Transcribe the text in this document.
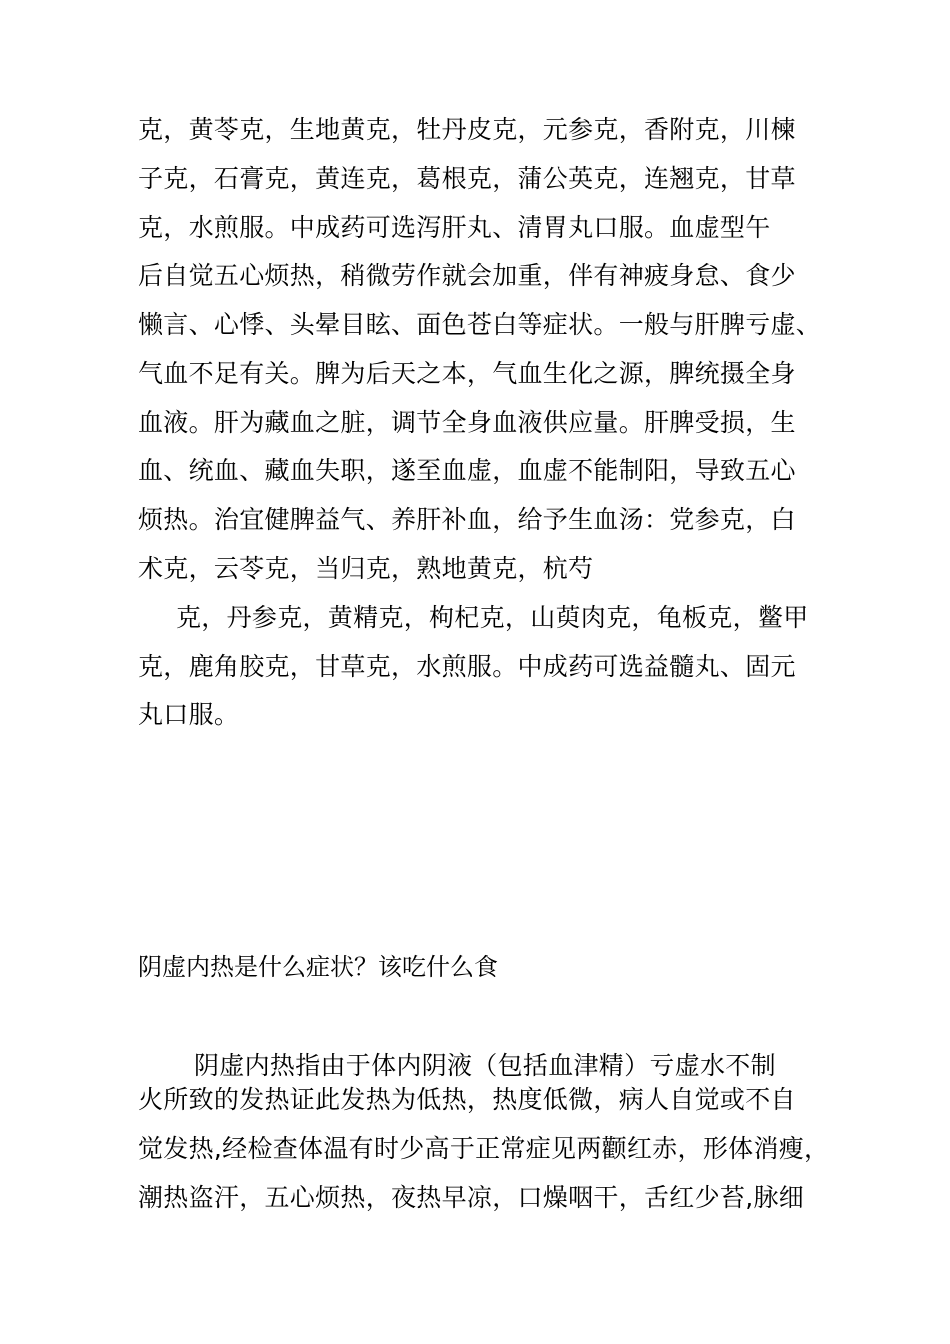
克，黄苓克，生地黄克，牡丹皮克，元参克，香附克，川楝
子克，石膏克，黄连克，葛根克，蒲公英克，连翘克，甘草
克，水煎服。中成药可选泻肝丸、清胃丸口服。血虚型午
后自觉五心烦热，稍微劳作就会加重，伴有神疲身怠、食少
懒言、心悸、头晕目眩、面色苍白等症状。一般与肝脾亏虚、
气血不足有关。脾为后天之本，气血生化之源，脾统摄全身
血液。肝为藏血之脏，调节全身血液供应量。肝脾受损，生
血、统血、藏血失职，遂至血虚，血虚不能制阳，导致五心
烦热。治宜健脾益气、养肝补血，给予生血汤：党参克，白
术克，云苓克，当归克，熟地黄克，杭芍
克，丹参克，黄精克，枸杞克，山萸肉克，龟板克，鳖甲
克，鹿角胶克，甘草克，水煎服。中成药可选益髓丸、固元
丸口服。
阴虚内热是什么症状？该吃什么食
阴虚内热指由于体内阴液（包括血津精）亏虚水不制
火所致的发热证此发热为低热，热度低微，病人自觉或不自
觉发热,经检查体温有时少高于正常症见两颧红赤，形体消瘦，
潮热盗汗，五心烦热，夜热早凉，口燥咽干，舌红少苔,脉细
